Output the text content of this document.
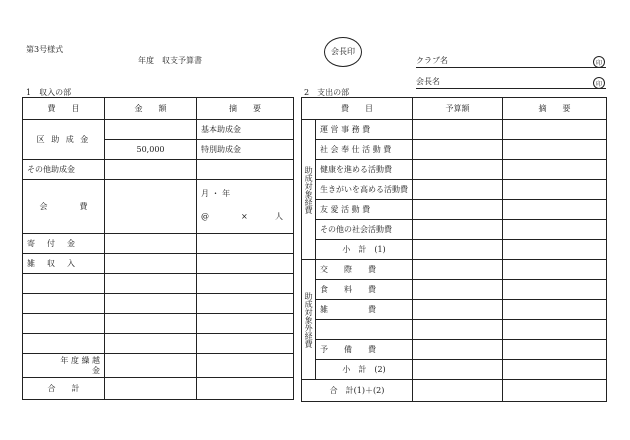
第3号様式
年度　収支予算書
会長印
クラブ名	印
会長名	印
1　収入の部	2　支出の部
費　　目	金　　額	摘　　要
区 助 成 金		基本助成金
	50,000	特別助成金
その他助成金		
会　　　　費		月 ・ 年
@ × 人

寄　付　金		
雑　収　入		

年 度 繰 越 金		
合　　計		
費　　目		予算額	摘　　要

助成対象経費	運 営 事 務 費		
	社 会 奉 仕 活 動 費		
	健康を進める活動費		
	生きがいを高める活動費		
	友 愛 活 動 費		
	その他の社会活動費		
	小　計　(1)		

助成対象外経費	交　　際　　費		
	食　　料　　費		
	雑　　　　　費		

	予　　備　　費		
	小　計　(2)		
合　計(1)＋(2)			
